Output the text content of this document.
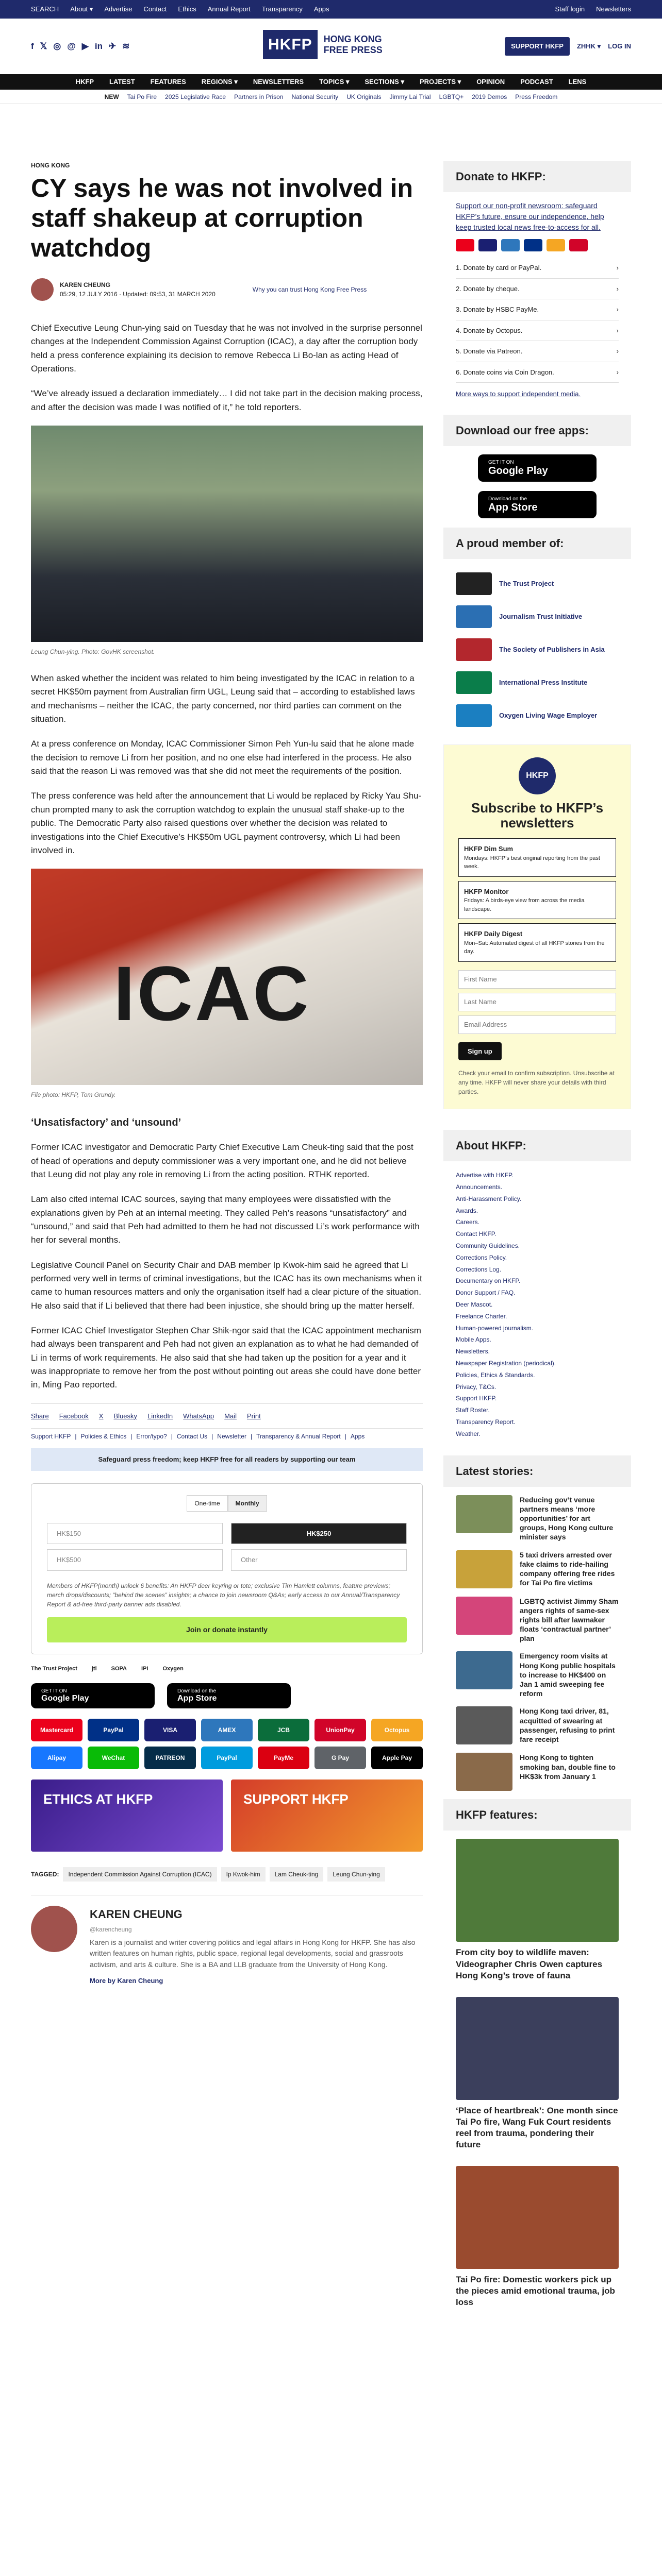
SEARCH About ▾ Advertise Contact Ethics Annual Report Transparency Apps	Staff login Newsletters
f 𝕏 ◎ @ ▶ in ✈ ≋	HKFP	HONG KONG
FREE PRESS	SUPPORT HKFP	ZHHK ▾ LOG IN
HKFP LATEST FEATURES REGIONS ▾ NEWSLETTERS TOPICS ▾ SECTIONS ▾ PROJECTS ▾ OPINION PODCAST LENS
NEW Tai Po Fire 2025 Legislative Race Partners in Prison National Security UK Originals Jimmy Lai Trial LGBTQ+ 2019 Demos Press Freedom
HONG KONG
CY says he was not involved in staff shakeup at corruption watchdog
KAREN CHEUNG
05:29, 12 JULY 2016 · Updated: 09:53, 31 MARCH 2020
Why you can trust Hong Kong Free Press

Chief Executive Leung Chun-ying said on Tuesday that he was not involved in the surprise personnel changes at the Independent Commission Against Corruption (ICAC), a day after the corruption body held a press conference explaining its decision to remove Rebecca Li Bo-lan as acting Head of Operations.

“We’ve already issued a declaration immediately… I did not take part in the decision making process, and after the decision was made I was notified of it,” he told reporters.

Leung Chun-ying. Photo: GovHK screenshot.

When asked whether the incident was related to him being investigated by the ICAC in relation to a secret HK$50m payment from Australian firm UGL, Leung said that – according to established laws and mechanisms – neither the ICAC, the party concerned, nor third parties can comment on the situation.

At a press conference on Monday, ICAC Commissioner Simon Peh Yun-lu said that he alone made the decision to remove Li from her position, and no one else had interfered in the process. He also said that the reason Li was removed was that she did not meet the requirements of the position.

The press conference was held after the announcement that Li would be replaced by Ricky Yau Shu-chun prompted many to ask the corruption watchdog to explain the unusual staff shake-up to the public. The Democratic Party also raised questions over whether the decision was related to investigations into the Chief Executive’s HK$50m UGL payment controversy, which Li had been involved in.

ICAC
File photo: HKFP, Tom Grundy.
‘Unsatisfactory’ and ‘unsound’

Former ICAC investigator and Democratic Party Chief Executive Lam Cheuk-ting said that the post of head of operations and deputy commissioner was a very important one, and he did not believe that Leung did not play any role in removing Li from the acting position. RTHK reported.

Lam also cited internal ICAC sources, saying that many employees were dissatisfied with the explanations given by Peh at an internal meeting. They called Peh’s reasons “unsatisfactory” and “unsound,” and said that Peh had admitted to them he had not discussed Li’s work performance with her for several months.

Legislative Council Panel on Security Chair and DAB member Ip Kwok-him said he agreed that Li performed very well in terms of criminal investigations, but the ICAC has its own mechanisms when it came to human resources matters and only the organisation itself had a clear picture of the situation. He also said that if Li believed that there had been injustice, she should bring up the matter herself.

Former ICAC Chief Investigator Stephen Char Shik-ngor said that the ICAC appointment mechanism had always been transparent and Peh had not given an explanation as to what he had demanded of Li in terms of work requirements. He also said that she had taken up the position for a year and it was inappropriate to remove her from the post without pointing out areas she could have done better in, Ming Pao reported.

Share Facebook X Bluesky LinkedIn WhatsApp Mail Print
Support HKFP | Policies & Ethics | Error/typo? | Contact Us | Newsletter | Transparency & Annual Report | Apps
Safeguard press freedom; keep HKFP free for all readers by supporting our team
One-time	Monthly
HK$150	HK$250
HK$500	Other
Members of HKFP(month) unlock 6 benefits: An HKFP deer keyring or tote; exclusive Tim Hamlett columns, feature previews; merch drops/discounts; “behind the scenes” insights; a chance to join newsroom Q&As; early access to our Annual/Transparency Report & ad-free third-party banner ads disabled.
Join or donate instantly
The Trust Project	jti	SOPA	IPI	Oxygen
GET IT ON
Google Play
Download on the
App Store
Mastercard	PayPal	VISA	AMEX	JCB	UnionPay	Octopus
Alipay	WeChat	PATREON	PayPal	PayMe	G Pay	Apple Pay
ETHICS AT HKFP	SUPPORT HKFP
TAGGED:	Independent Commission Against Corruption (ICAC)	Ip Kwok-him	Lam Cheuk-ting	Leung Chun-ying
KAREN CHEUNG
@karencheung

Karen is a journalist and writer covering politics and legal affairs in Hong Kong for HKFP. She has also written features on human rights, public space, regional legal developments, social and grassroots activism, and arts & culture. She is a BA and LLB graduate from the University of Hong Kong.

More by Karen Cheung
Donate to HKFP:
Support our non-profit newsroom: safeguard HKFP’s future, ensure our independence, help keep trusted local news free-to-access for all.
1. Donate by card or PayPal.	›
2. Donate by cheque.	›
3. Donate by HSBC PayMe.	›
4. Donate by Octopus.	›
5. Donate via Patreon.	›
6. Donate coins via Coin Dragon.	›
More ways to support independent media.
Download our free apps:
GET IT ON
Google Play
Download on the
App Store
A proud member of:
The Trust Project
Journalism Trust Initiative
The Society of Publishers in Asia
International Press Institute
Oxygen Living Wage Employer
HKFP
Subscribe to HKFP’s newsletters
HKFP Dim Sum
Mondays: HKFP’s best original reporting from the past week.
HKFP Monitor
Fridays: A birds-eye view from across the media landscape.
HKFP Daily Digest
Mon–Sat: Automated digest of all HKFP stories from the day.
First Name Last Name Email Address Sign up
Check your email to confirm subscription. Unsubscribe at any time. HKFP will never share your details with third parties.
About HKFP:
Advertise with HKFP.
Announcements.
Anti-Harassment Policy.
Awards.
Careers.
Contact HKFP.
Community Guidelines.
Corrections Policy.
Corrections Log.
Documentary on HKFP.
Donor Support / FAQ.
Deer Mascot.
Freelance Charter.
Human-powered journalism.
Mobile Apps.
Newsletters.
Newspaper Registration (periodical).
Policies, Ethics & Standards.
Privacy, T&Cs.
Support HKFP.
Staff Roster.
Transparency Report.
Weather.
Latest stories:
Reducing gov’t venue partners means ‘more opportunities’ for art groups, Hong Kong culture minister says
5 taxi drivers arrested over fake claims to ride-hailing company offering free rides for Tai Po fire victims
LGBTQ activist Jimmy Sham angers rights of same-sex rights bill after lawmaker floats ‘contractual partner’ plan
Emergency room visits at Hong Kong public hospitals to increase to HK$400 on Jan 1 amid sweeping fee reform
Hong Kong taxi driver, 81, acquitted of swearing at passenger, refusing to print fare receipt
Hong Kong to tighten smoking ban, double fine to HK$3k from January 1
HKFP features:
From city boy to wildlife maven: Videographer Chris Owen captures Hong Kong’s trove of fauna
‘Place of heartbreak’: One month since Tai Po fire, Wang Fuk Court residents reel from trauma, pondering their future
Tai Po fire: Domestic workers pick up the pieces amid emotional trauma, job loss
